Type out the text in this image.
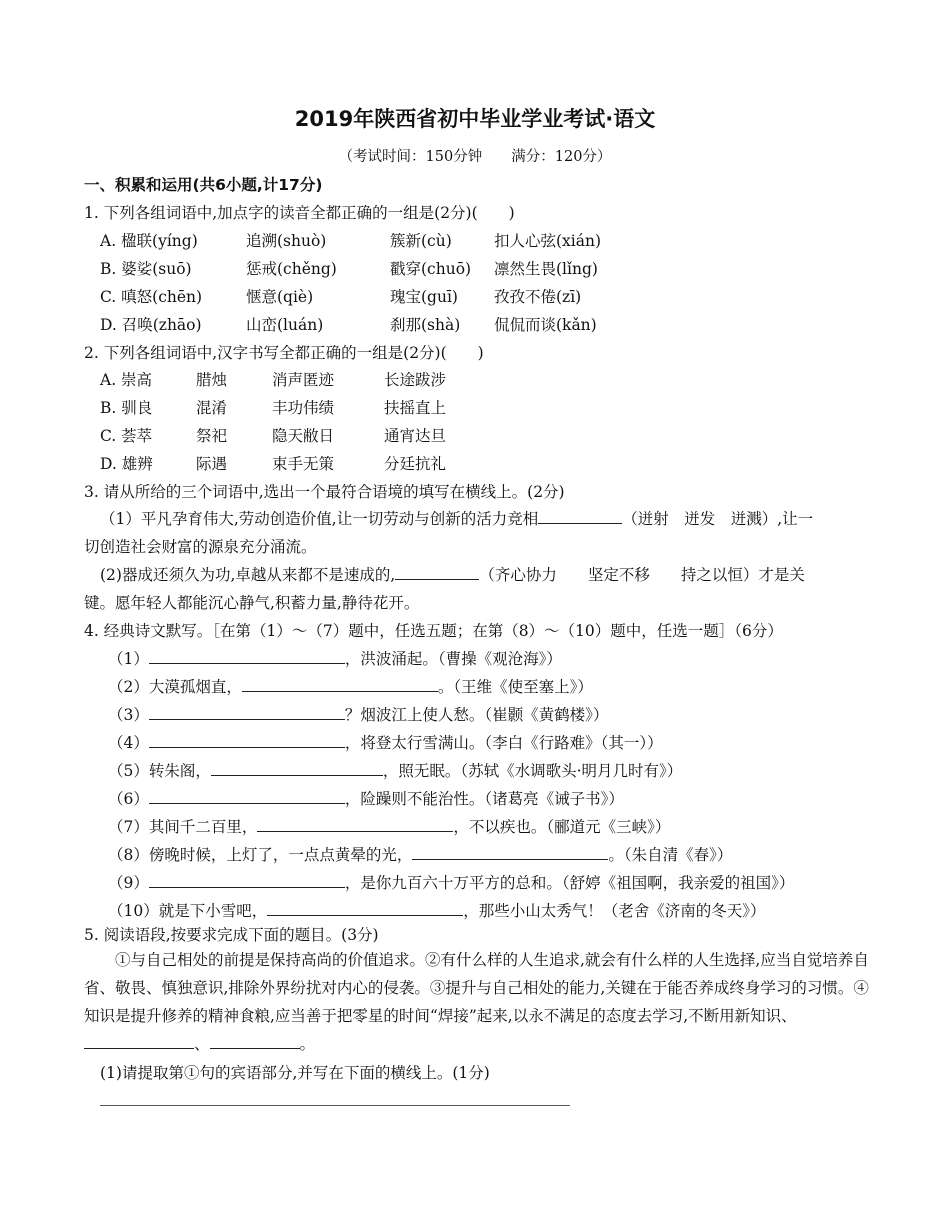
2019年陕西省初中毕业学业考试·语文
（考试时间：150分钟　　满分：120分）
一、积累和运用(共6小题,计17分)
1. 下列各组词语中,加点字的读音全都正确的一组是(2分)(　　)
A. 楹联(yíng)	追溯(shuò)	簇新(cù)	扣人心弦(xián)
B. 婆娑(suō)	惩戒(chěng)	戳穿(chuō) 凛然生畏(lǐng)
C. 嗔怒(chēn)	惬意(qiè)	瑰宝(guī) 孜孜不倦(zī)
D. 召唤(zhāo)	山峦(luán)	刹那(shà) 侃侃而谈(kǎn)
2. 下列各组词语中,汉字书写全都正确的一组是(2分)(　　)
A. 崇高	腊烛	消声匿迹	长途跋涉
B. 驯良	混淆	丰功伟绩	扶摇直上
C. 荟萃	祭祀	隐天敝日	通宵达旦
D. 雄辨	际遇	束手无策	分廷抗礼
3. 请从所给的三个词语中,选出一个最符合语境的填写在横线上。(2分)
（1）平凡孕育伟大,劳动创造价值,让一切劳动与创新的活力竞相	（迸射　迸发　迸溅）,让一
切创造社会财富的源泉充分涌流。
(2)器成还须久为功,卓越从来都不是速成的,	（齐心协力　　坚定不移　　持之以恒）才是关
键。愿年轻人都能沉心静气,积蓄力量,静待花开。
4. 经典诗文默写。［在第（1）～（7）题中，任选五题；在第（8）～（10）题中，任选一题］（6分）
（1）	，洪波涌起。（曹操《观沧海》）
（2）大漠孤烟直，	。（王维《使至塞上》）
（3）	？烟波江上使人愁。（崔颢《黄鹤楼》）
（4）	，将登太行雪满山。（李白《行路难》（其一））
（5）转朱阁，	，照无眠。（苏轼《水调歌头·明月几时有》）
（6）	，险躁则不能治性。（诸葛亮《诫子书》）
（7）其间千二百里，	，不以疾也。（郦道元《三峡》）
（8）傍晚时候，上灯了，一点点黄晕的光，	。（朱自清《春》）
（9）	，是你九百六十万平方的总和。（舒婷《祖国啊，我亲爱的祖国》）
（10）就是下小雪吧，	，那些小山太秀气！（老舍《济南的冬天》）
5. 阅读语段,按要求完成下面的题目。(3分)
①与自己相处的前提是保持高尚的价值追求。②有什么样的人生追求,就会有什么样的人生选择,应当自觉培养自省、敬畏、慎独意识,排除外界纷扰对内心的侵袭。③提升与自己相处的能力,关键在于能否养成终身学习的习惯。④知识是提升修养的精神食粮,应当善于把零星的时间“焊接”起来,以永不满足的态度去学习,不断用新知识、、	。
(1)请提取第①句的宾语部分,并写在下面的横线上。(1分)
